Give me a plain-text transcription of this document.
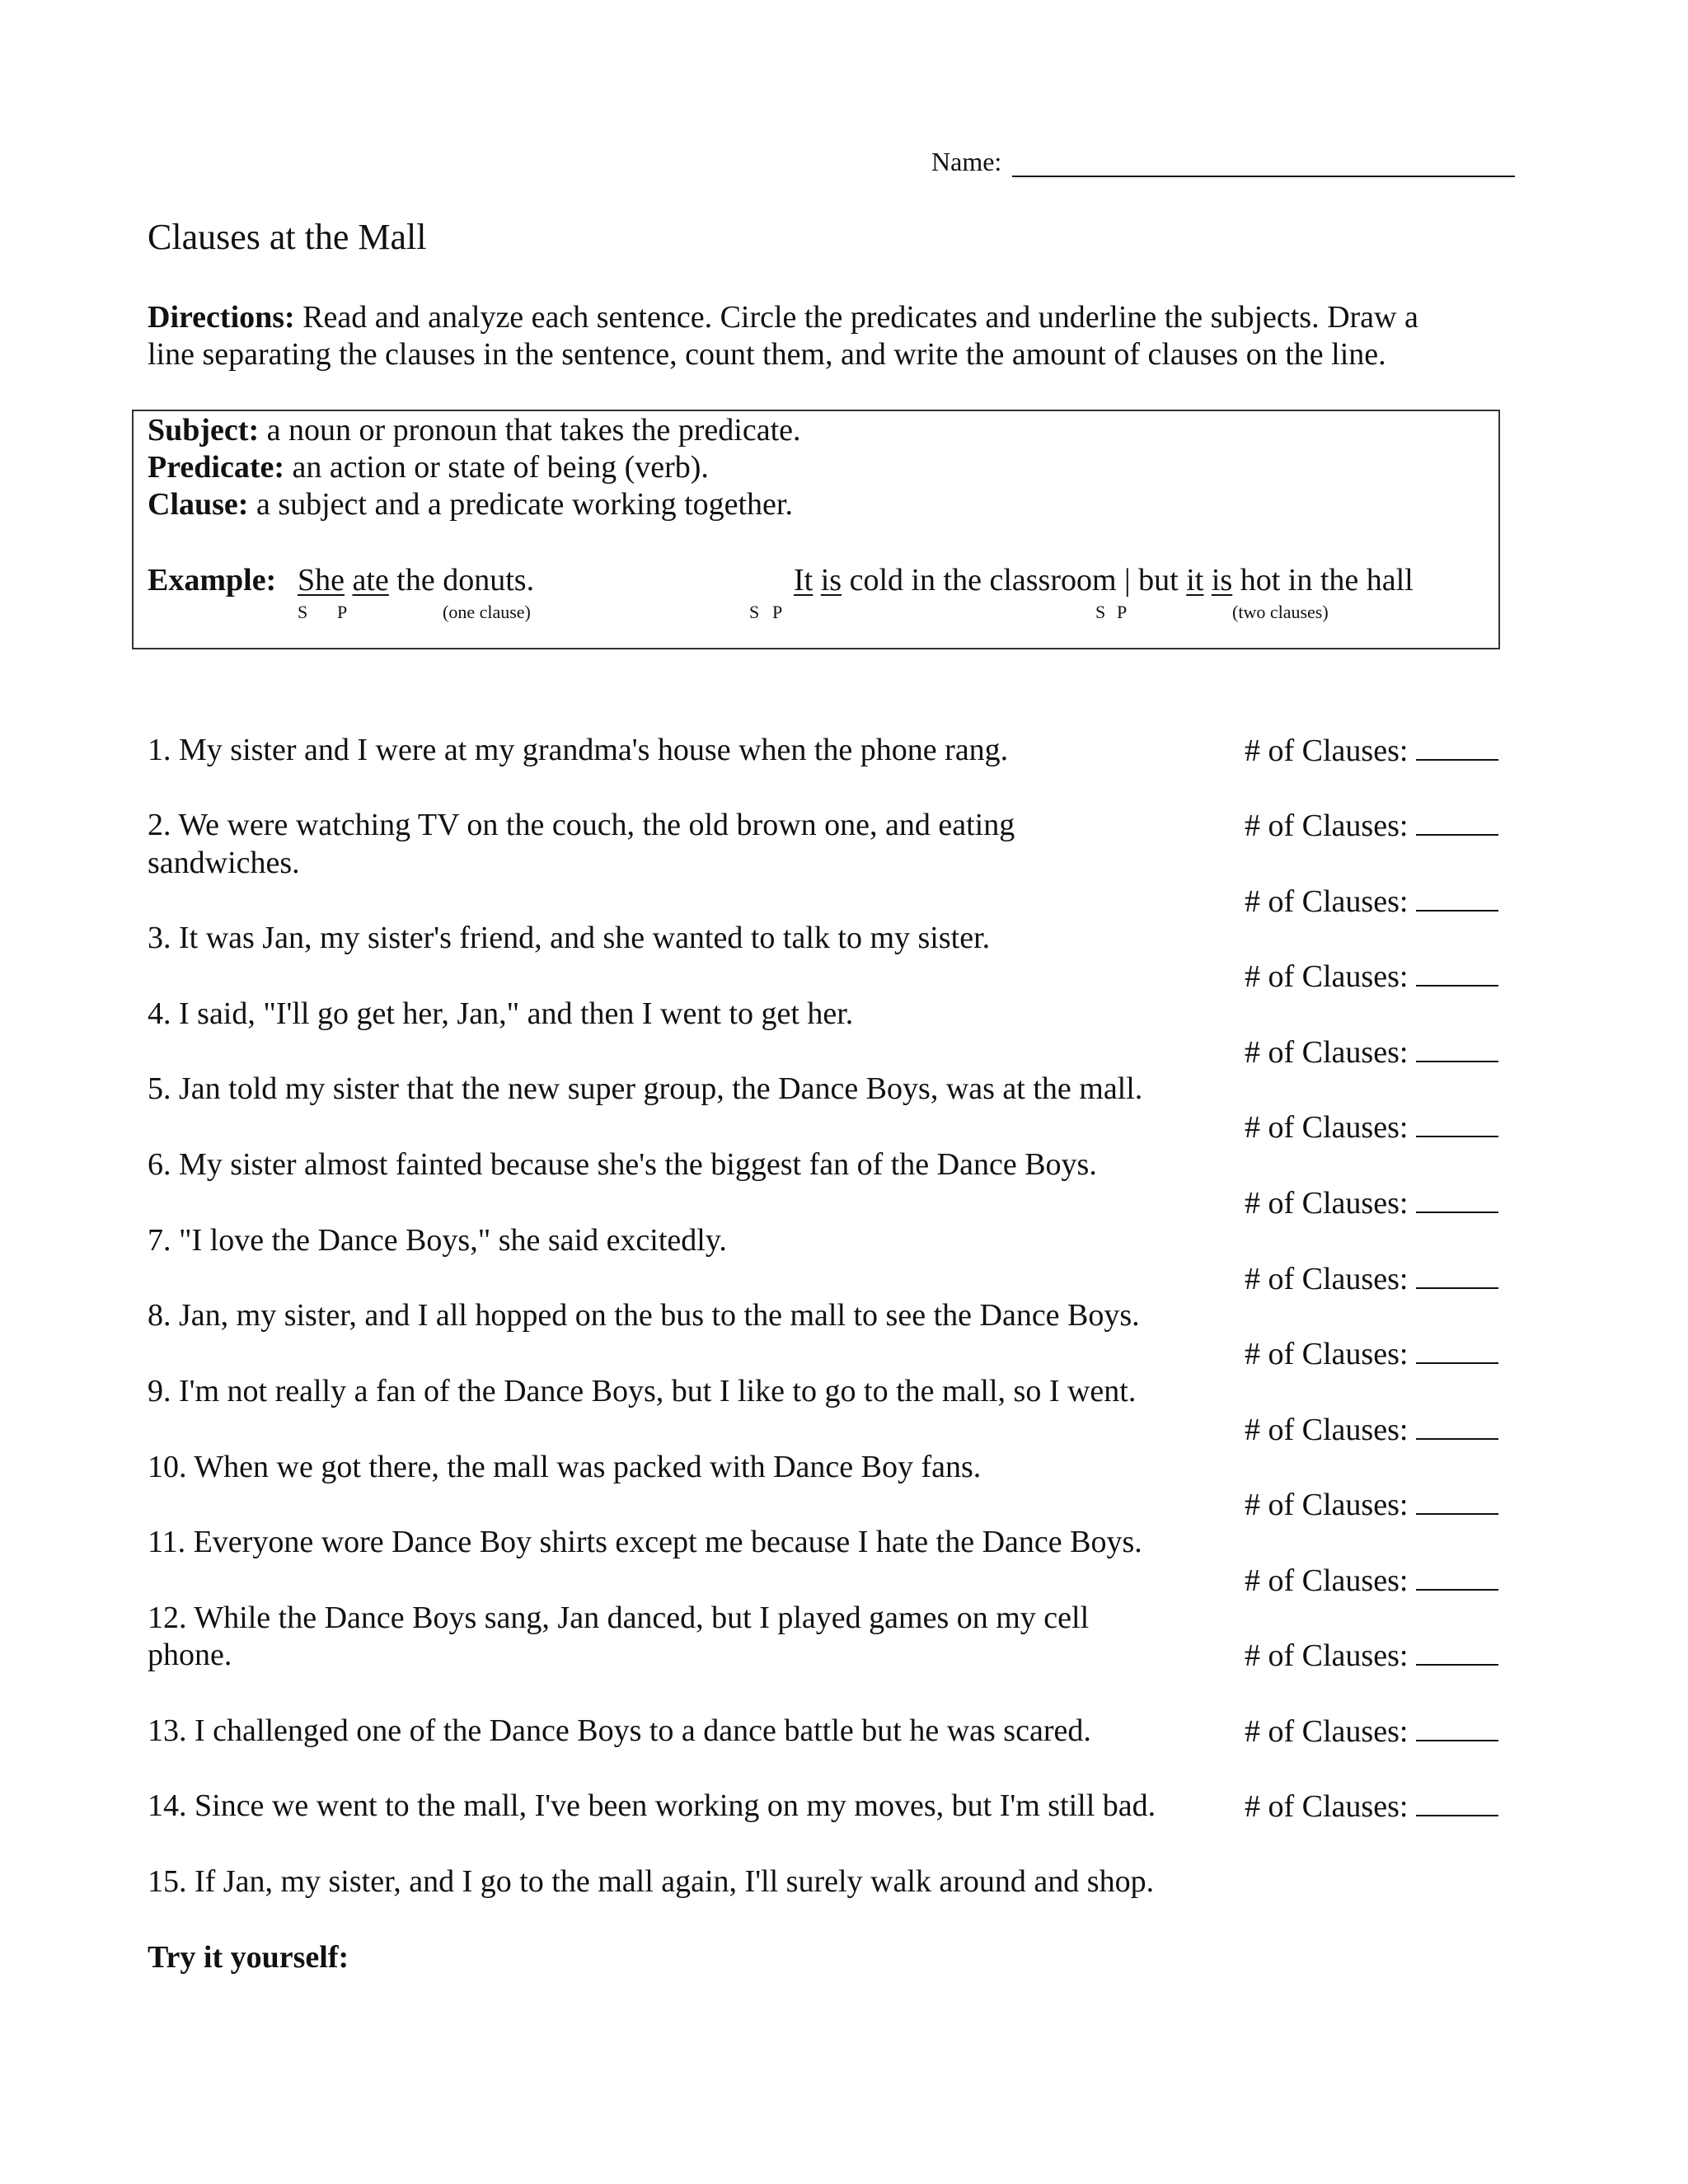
Name:
Clauses at the Mall
Directions: Read and analyze each sentence. Circle the predicates and underline the subjects. Draw a
line separating the clauses in the sentence, count them, and write the amount of clauses on the line.
Subject: a noun or pronoun that takes the predicate.
Predicate: an action or state of being (verb).
Clause: a subject and a predicate working together.
Example: She ate the donuts.
S P	(one clause)
It is cold in the classroom | but it is hot in the hall
S P	S P	(two clauses)
1. My sister and I were at my grandma's house when the phone rang.
2. We were watching TV on the couch, the old brown one, and eating
sandwiches.
3. It was Jan, my sister's friend, and she wanted to talk to my sister.
4. I said, "I'll go get her, Jan," and then I went to get her.
5. Jan told my sister that the new super group, the Dance Boys, was at the mall.
6. My sister almost fainted because she's the biggest fan of the Dance Boys.
7. "I love the Dance Boys," she said excitedly.
8. Jan, my sister, and I all hopped on the bus to the mall to see the Dance Boys.
9. I'm not really a fan of the Dance Boys, but I like to go to the mall, so I went.
10. When we got there, the mall was packed with Dance Boy fans.
11. Everyone wore Dance Boy shirts except me because I hate the Dance Boys.
12. While the Dance Boys sang, Jan danced, but I played games on my cell
phone.
13. I challenged one of the Dance Boys to a dance battle but he was scared.
14. Since we went to the mall, I've been working on my moves, but I'm still bad.
15. If Jan, my sister, and I go to the mall again, I'll surely walk around and shop.
# of Clauses:
# of Clauses:
# of Clauses:
# of Clauses:
# of Clauses:
# of Clauses:
# of Clauses:
# of Clauses:
# of Clauses:
# of Clauses:
# of Clauses:
# of Clauses:
# of Clauses:
# of Clauses:
# of Clauses:
Try it yourself:
